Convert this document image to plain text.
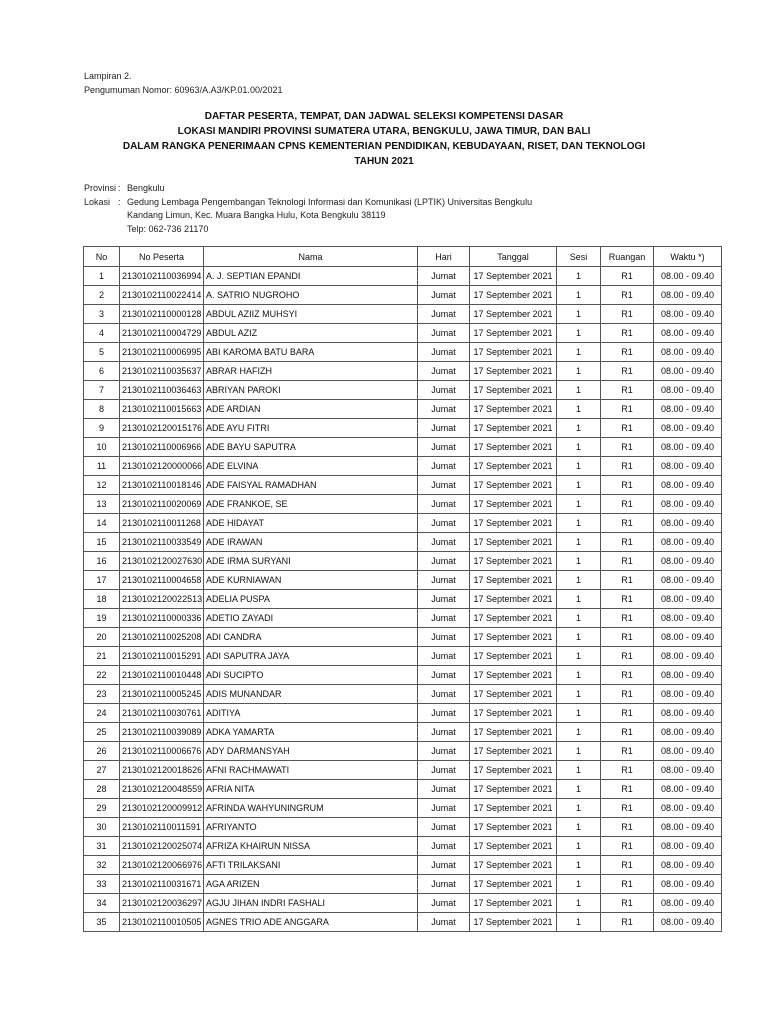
Lampiran 2.
Pengumuman Nomor: 60963/A.A3/KP.01.00/2021
DAFTAR PESERTA, TEMPAT, DAN JADWAL SELEKSI KOMPETENSI DASAR
LOKASI MANDIRI PROVINSI SUMATERA UTARA, BENGKULU, JAWA TIMUR, DAN BALI
DALAM RANGKA PENERIMAAN CPNS KEMENTERIAN PENDIDIKAN, KEBUDAYAAN, RISET, DAN TEKNOLOGI
TAHUN 2021
Provinsi : Bengkulu
Lokasi : Gedung Lembaga Pengembangan Teknologi Informasi dan Komunikasi (LPTIK) Universitas Bengkulu
Kandang Limun, Kec. Muara Bangka Hulu, Kota Bengkulu 38119
Telp: 062-736 21170
No	No Peserta	Nama	Hari	Tanggal	Sesi	Ruangan	Waktu *)
1	2130102110036994	A. J. SEPTIAN EPANDI	Jumat	17 September 2021	1	R1	08.00 - 09.40
2	2130102110022414	A. SATRIO NUGROHO	Jumat	17 September 2021	1	R1	08.00 - 09.40
3	2130102110000128	ABDUL AZIIZ MUHSYI	Jumat	17 September 2021	1	R1	08.00 - 09.40
4	2130102110004729	ABDUL AZIZ	Jumat	17 September 2021	1	R1	08.00 - 09.40
5	2130102110006995	ABI KAROMA BATU BARA	Jumat	17 September 2021	1	R1	08.00 - 09.40
6	2130102110035637	ABRAR HAFIZH	Jumat	17 September 2021	1	R1	08.00 - 09.40
7	2130102110036463	ABRIYAN PAROKI	Jumat	17 September 2021	1	R1	08.00 - 09.40
8	2130102110015663	ADE ARDIAN	Jumat	17 September 2021	1	R1	08.00 - 09.40
9	2130102120015176	ADE AYU FITRI	Jumat	17 September 2021	1	R1	08.00 - 09.40
10	2130102110006966	ADE BAYU SAPUTRA	Jumat	17 September 2021	1	R1	08.00 - 09.40
11	2130102120000066	ADE ELVINA	Jumat	17 September 2021	1	R1	08.00 - 09.40
12	2130102110018146	ADE FAISYAL RAMADHAN	Jumat	17 September 2021	1	R1	08.00 - 09.40
13	2130102110020069	ADE FRANKOE, SE	Jumat	17 September 2021	1	R1	08.00 - 09.40
14	2130102110011268	ADE HIDAYAT	Jumat	17 September 2021	1	R1	08.00 - 09.40
15	2130102110033549	ADE IRAWAN	Jumat	17 September 2021	1	R1	08.00 - 09.40
16	2130102120027630	ADE IRMA SURYANI	Jumat	17 September 2021	1	R1	08.00 - 09.40
17	2130102110004658	ADE KURNIAWAN	Jumat	17 September 2021	1	R1	08.00 - 09.40
18	2130102120022513	ADELIA PUSPA	Jumat	17 September 2021	1	R1	08.00 - 09.40
19	2130102110000336	ADETIO ZAYADI	Jumat	17 September 2021	1	R1	08.00 - 09.40
20	2130102110025208	ADI CANDRA	Jumat	17 September 2021	1	R1	08.00 - 09.40
21	2130102110015291	ADI SAPUTRA JAYA	Jumat	17 September 2021	1	R1	08.00 - 09.40
22	2130102110010448	ADI SUCIPTO	Jumat	17 September 2021	1	R1	08.00 - 09.40
23	2130102110005245	ADIS MUNANDAR	Jumat	17 September 2021	1	R1	08.00 - 09.40
24	2130102110030761	ADITIYA	Jumat	17 September 2021	1	R1	08.00 - 09.40
25	2130102110039089	ADKA YAMARTA	Jumat	17 September 2021	1	R1	08.00 - 09.40
26	2130102110006676	ADY DARMANSYAH	Jumat	17 September 2021	1	R1	08.00 - 09.40
27	2130102120018626	AFNI RACHMAWATI	Jumat	17 September 2021	1	R1	08.00 - 09.40
28	2130102120048559	AFRIA NITA	Jumat	17 September 2021	1	R1	08.00 - 09.40
29	2130102120009912	AFRINDA WAHYUNINGRUM	Jumat	17 September 2021	1	R1	08.00 - 09.40
30	2130102110011591	AFRIYANTO	Jumat	17 September 2021	1	R1	08.00 - 09.40
31	2130102120025074	AFRIZA KHAIRUN NISSA	Jumat	17 September 2021	1	R1	08.00 - 09.40
32	2130102120066976	AFTI TRILAKSANI	Jumat	17 September 2021	1	R1	08.00 - 09.40
33	2130102110031671	AGA ARIZEN	Jumat	17 September 2021	1	R1	08.00 - 09.40
34	2130102120036297	AGJU JIHAN INDRI FASHALI	Jumat	17 September 2021	1	R1	08.00 - 09.40
35	2130102110010505	AGNES TRIO ADE ANGGARA	Jumat	17 September 2021	1	R1	08.00 - 09.40
